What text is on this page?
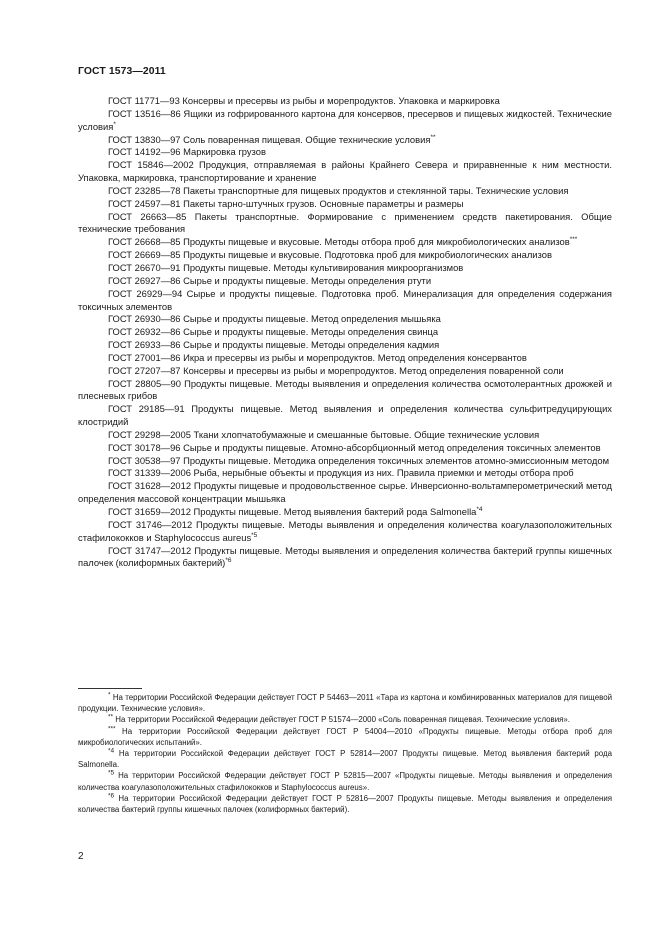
ГОСТ 1573—2011

ГОСТ 11771—93 Консервы и пресервы из рыбы и морепродуктов. Упаковка и маркировка

ГОСТ 13516—86 Ящики из гофрированного картона для консервов, пресервов и пищевых жидкостей. Технические условия*

ГОСТ 13830—97 Соль поваренная пищевая. Общие технические условия**

ГОСТ 14192—96 Маркировка грузов

ГОСТ 15846—2002 Продукция, отправляемая в районы Крайнего Севера и приравненные к ним местности. Упаковка, маркировка, транспортирование и хранение

ГОСТ 23285—78 Пакеты транспортные для пищевых продуктов и стеклянной тары. Технические условия

ГОСТ 24597—81 Пакеты тарно-штучных грузов. Основные параметры и размеры

ГОСТ 26663—85 Пакеты транспортные. Формирование с применением средств пакетирования. Общие технические требования

ГОСТ 26668—85 Продукты пищевые и вкусовые. Методы отбора проб для микробиологических анализов***

ГОСТ 26669—85 Продукты пищевые и вкусовые. Подготовка проб для микробиологических анализов

ГОСТ 26670—91 Продукты пищевые. Методы культивирования микроорганизмов

ГОСТ 26927—86 Сырье и продукты пищевые. Методы определения ртути

ГОСТ 26929—94 Сырье и продукты пищевые. Подготовка проб. Минерализация для определения содержания токсичных элементов

ГОСТ 26930—86 Сырье и продукты пищевые. Метод определения мышьяка

ГОСТ 26932—86 Сырье и продукты пищевые. Методы определения свинца

ГОСТ 26933—86 Сырье и продукты пищевые. Методы определения кадмия

ГОСТ 27001—86 Икра и пресервы из рыбы и морепродуктов. Метод определения консервантов

ГОСТ 27207—87 Консервы и пресервы из рыбы и морепродуктов. Метод определения поваренной соли

ГОСТ 28805—90 Продукты пищевые. Методы выявления и определения количества осмотолерантных дрожжей и плесневых грибов

ГОСТ 29185—91 Продукты пищевые. Метод выявления и определения количества сульфитредуцирующих клостридий

ГОСТ 29298—2005 Ткани хлопчатобумажные и смешанные бытовые. Общие технические условия

ГОСТ 30178—96 Сырье и продукты пищевые. Атомно-абсорбционный метод определения токсичных элементов

ГОСТ 30538—97 Продукты пищевые. Методика определения токсичных элементов атомно-эмиссионным методом

ГОСТ 31339—2006 Рыба, нерыбные объекты и продукция из них. Правила приемки и методы отбора проб

ГОСТ 31628—2012 Продукты пищевые и продовольственное сырье. Инверсионно-вольтамперометрический метод определения массовой концентрации мышьяка

ГОСТ 31659—2012 Продукты пищевые. Метод выявления бактерий рода Salmonella$^{*4}$

ГОСТ 31746—2012 Продукты пищевые. Методы выявления и определения количества коагулазоположительных стафилококков и Staphylococcus aureus$^{*5}$

ГОСТ 31747—2012 Продукты пищевые. Методы выявления и определения количества бактерий группы кишечных палочек (колиформных бактерий)$^{*6}$

* На территории Российской Федерации действует ГОСТ Р 54463—2011 «Тара из картона и комбинированных материалов для пищевой продукции. Технические условия».

** На территории Российской Федерации действует ГОСТ Р 51574—2000 «Соль поваренная пищевая. Технические условия».

*** На территории Российской Федерации действует ГОСТ Р 54004—2010 «Продукты пищевые. Методы отбора проб для микробиологических испытаний».

$^{*4}$ На территории Российской Федерации действует ГОСТ Р 52814—2007 Продукты пищевые. Метод выявления бактерий рода Salmonella.

$^{*5}$ На территории Российской Федерации действует ГОСТ Р 52815—2007 «Продукты пищевые. Методы выявления и определения количества коагулазоположительных стафилококков и Staphylococcus aureus».

$^{*6}$ На территории Российской Федерации действует ГОСТ Р 52816—2007 Продукты пищевые. Методы выявления и определения количества бактерий группы кишечных палочек (колиформных бактерий).

2
